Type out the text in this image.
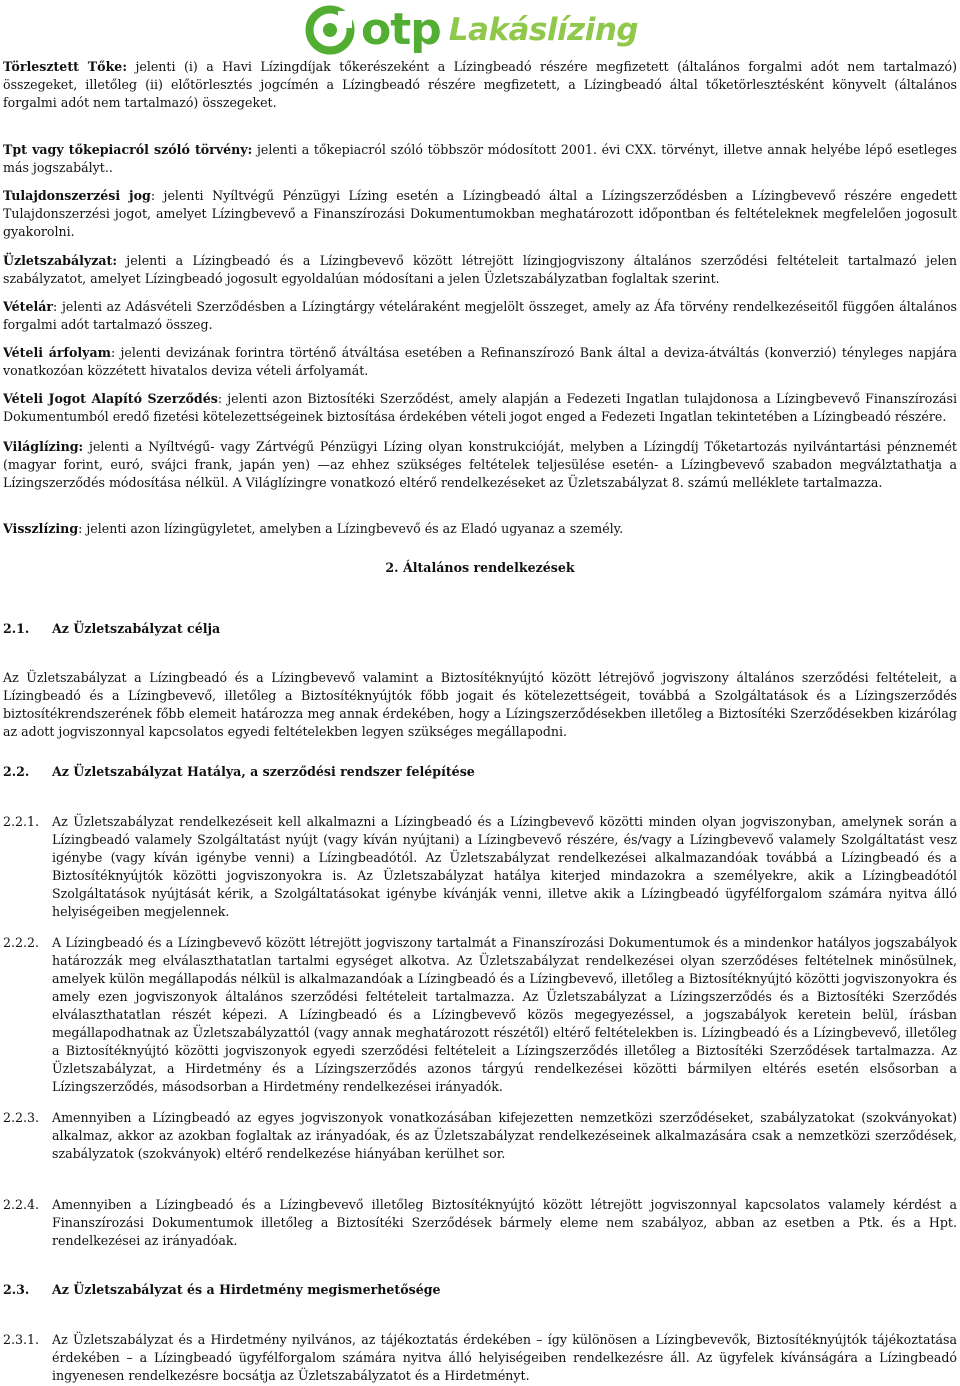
otp Lakáslízing

Törlesztett Tőke: jelenti (i) a Havi Lízingdíjak tőkerészeként a Lízingbeadó részére megfizetett (általános forgalmi adót nem tartalmazó) összegeket, illetőleg (ii) előtörlesztés jogcímén a Lízingbeadó részére megfizetett, a Lízingbeadó által tőketörlesztésként könyvelt (általános forgalmi adót nem tartalmazó) összegeket.

Tpt vagy tőkepiacról szóló törvény: jelenti a tőkepiacról szóló többször módosított 2001. évi CXX. törvényt, illetve annak helyébe lépő esetleges más jogszabályt..

Tulajdonszerzési jog: jelenti Nyíltvégű Pénzügyi Lízing esetén a Lízingbeadó által a Lízingszerződésben a Lízingbevevő részére engedett Tulajdonszerzési jogot, amelyet Lízingbevevő a Finanszírozási Dokumentumokban meghatározott időpontban és feltételeknek megfelelően jogosult gyakorolni.

Üzletszabályzat: jelenti a Lízingbeadó és a Lízingbevevő között létrejött lízingjogviszony általános szerződési feltételeit tartalmazó jelen szabályzatot, amelyet Lízingbeadó jogosult egyoldalúan módosítani a jelen Üzletszabályzatban foglaltak szerint.

Vételár: jelenti az Adásvételi Szerződésben a Lízingtárgy vételáraként megjelölt összeget, amely az Áfa törvény rendelkezéseitől függően általános forgalmi adót tartalmazó összeg.

Vételi árfolyam: jelenti devizának forintra történő átváltása esetében a Refinanszírozó Bank által a deviza-átváltás (konverzió) tényleges napjára vonatkozóan közzétett hivatalos deviza vételi árfolyamát.

Vételi Jogot Alapító Szerződés: jelenti azon Biztosítéki Szerződést, amely alapján a Fedezeti Ingatlan tulajdonosa a Lízingbevevő Finanszírozási Dokumentumból eredő fizetési kötelezettségeinek biztosítása érdekében vételi jogot enged a Fedezeti Ingatlan tekintetében a Lízingbeadó részére.

Világlízing: jelenti a Nyíltvégű- vagy Zártvégű Pénzügyi Lízing olyan konstrukcióját, melyben a Lízingdíj Tőketartozás nyilvántartási pénznemét (magyar forint, euró, svájci frank, japán yen) —az ehhez szükséges feltételek teljesülése esetén- a Lízingbevevő szabadon megválztathatja a Lízingszerződés módosítása nélkül. A Világlízingre vonatkozó eltérő rendelkezéseket az Üzletszabályzat 8. számú melléklete tartalmazza.

Visszlízing: jelenti azon lízingügyletet, amelyben a Lízingbevevő és az Eladó ugyanaz a személy.

2. Általános rendelkezések

2.1.	Az Üzletszabályzat célja

Az Üzletszabályzat a Lízingbeadó és a Lízingbevevő valamint a Biztosítéknyújtó között létrejövő jogviszony általános szerződési feltételeit, a Lízingbeadó és a Lízingbevevő, illetőleg a Biztosítéknyújtók főbb jogait és kötelezettségeit, továbbá a Szolgáltatások és a Lízingszerződés biztosítékrendszerének főbb elemeit határozza meg annak érdekében, hogy a Lízingszerződésekben illetőleg a Biztosítéki Szerződésekben kizárólag az adott jogviszonnyal kapcsolatos egyedi feltételekben legyen szükséges megállapodni.

2.2.	Az Üzletszabályzat Hatálya, a szerződési rendszer felépítése
2.2.1.	Az Üzletszabályzat rendelkezéseit kell alkalmazni a Lízingbeadó és a Lízingbevevő közötti minden olyan jogviszonyban, amelynek során a Lízingbeadó valamely Szolgáltatást nyújt (vagy kíván nyújtani) a Lízingbevevő részére, és/vagy a Lízingbevevő valamely Szolgáltatást vesz igénybe (vagy kíván igénybe venni) a Lízingbeadótól. Az Üzletszabályzat rendelkezései alkalmazandóak továbbá a Lízingbeadó és a Biztosítéknyújtók közötti jogviszonyokra is. Az Üzletszabályzat hatálya kiterjed mindazokra a személyekre, akik a Lízingbeadótól Szolgáltatások nyújtását kérik, a Szolgáltatásokat igénybe kívánják venni, illetve akik a Lízingbeadó ügyfélforgalom számára nyitva álló helyiségeiben megjelennek.

2.2.2.	A Lízingbeadó és a Lízingbevevő között létrejött jogviszony tartalmát a Finanszírozási Dokumentumok és a mindenkor hatályos jogszabályok határozzák meg elválaszthatatlan tartalmi egységet alkotva. Az Üzletszabályzat rendelkezései olyan szerződéses feltételnek minősülnek, amelyek külön megállapodás nélkül is alkalmazandóak a Lízingbeadó és a Lízingbevevő, illetőleg a Biztosítéknyújtó közötti jogviszonyokra és amely ezen jogviszonyok általános szerződési feltételeit tartalmazza. Az Üzletszabályzat a Lízingszerződés és a Biztosítéki Szerződés elválaszthatatlan részét képezi. A Lízingbeadó és a Lízingbevevő közös megegyezéssel, a jogszabályok keretein belül, írásban megállapodhatnak az Üzletszabályzattól (vagy annak meghatározott részétől) eltérő feltételekben is. Lízingbeadó és a Lízingbevevő, illetőleg a Biztosítéknyújtó közötti jogviszonyok egyedi szerződési feltételeit a Lízingszerződés illetőleg a Biztosítéki Szerződések tartalmazza. Az Üzletszabályzat, a Hirdetmény és a Lízingszerződés azonos tárgyú rendelkezései közötti bármilyen eltérés esetén elsősorban a Lízingszerződés, másodsorban a Hirdetmény rendelkezései irányadók.

2.2.3.	Amennyiben a Lízingbeadó az egyes jogviszonyok vonatkozásában kifejezetten nemzetközi szerződéseket, szabályzatokat (szokványokat) alkalmaz, akkor az azokban foglaltak az irányadóak, és az Üzletszabályzat rendelkezéseinek alkalmazására csak a nemzetközi szerződések, szabályzatok (szokványok) eltérő rendelkezése hiányában kerülhet sor.

2.2.4.	Amennyiben a Lízingbeadó és a Lízingbevevő illetőleg Biztosítéknyújtó között létrejött jogviszonnyal kapcsolatos valamely kérdést a Finanszírozási Dokumentumok illetőleg a Biztosítéki Szerződések bármely eleme nem szabályoz, abban az esetben a Ptk. és a Hpt. rendelkezései az irányadóak.

2.3.	Az Üzletszabályzat és a Hirdetmény megismerhetősége
2.3.1.	Az Üzletszabályzat és a Hirdetmény nyilvános, az tájékoztatás érdekében – így különösen a Lízingbevevők, Biztosítéknyújtók tájékoztatása érdekében – a Lízingbeadó ügyfélforgalom számára nyitva álló helyiségeiben rendelkezésre áll. Az ügyfelek kívánságára a Lízingbeadó ingyenesen rendelkezésre bocsátja az Üzletszabályzatot és a Hirdetményt.
